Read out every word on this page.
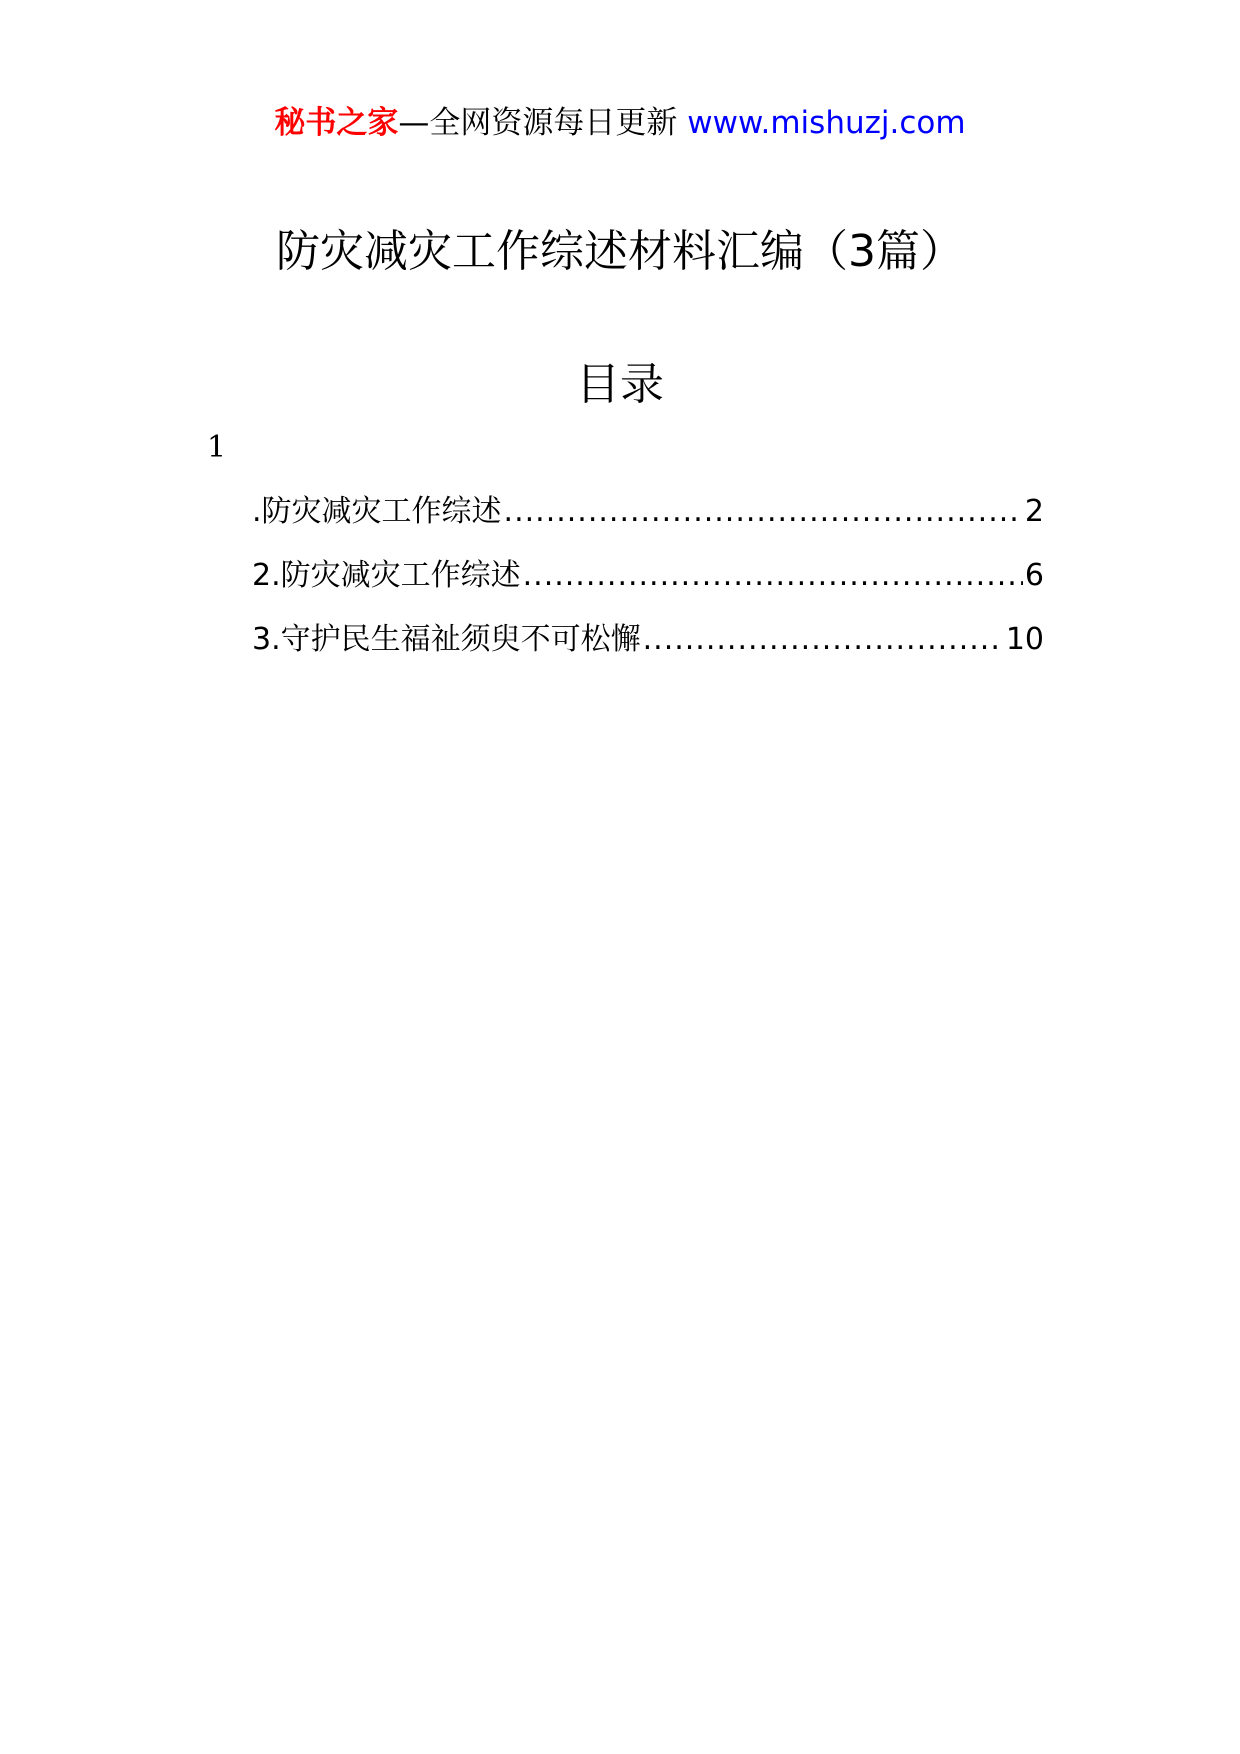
秘书之家—全网资源每日更新 www.mishuzj.com
防灾减灾工作综述材料汇编（3篇）
目录
1
.防灾减灾工作综述 .....	2
2.防灾减灾工作综述 .....	6
3.守护民生福祉须臾不可松懈 .....	10
